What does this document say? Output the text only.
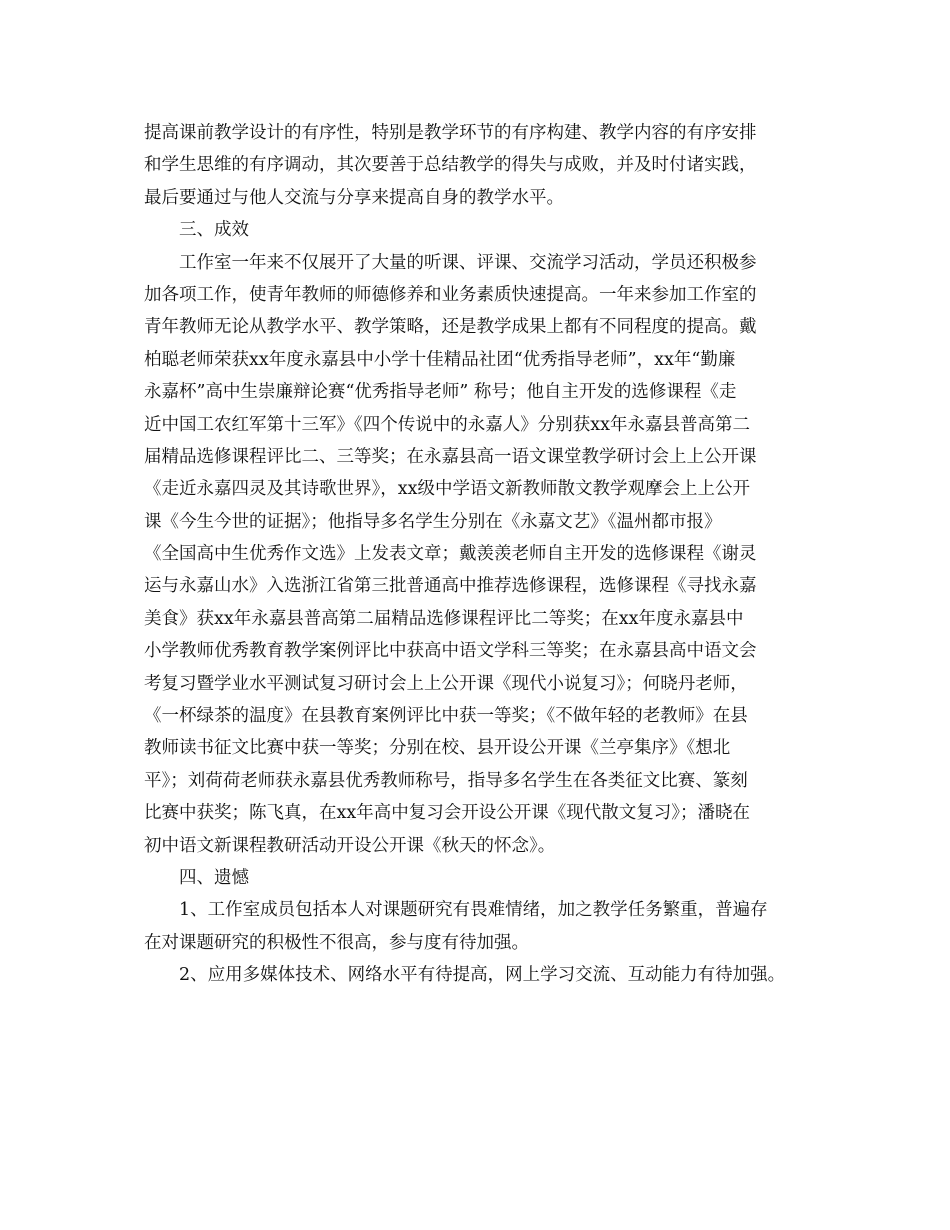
提高课前教学设计的有序性，特别是教学环节的有序构建、教学内容的有序安排

和学生思维的有序调动，其次要善于总结教学的得失与成败，并及时付诸实践，

最后要通过与他人交流与分享来提高自身的教学水平。

三、成效

工作室一年来不仅展开了大量的听课、评课、交流学习活动，学员还积极参

加各项工作，使青年教师的师德修养和业务素质快速提高。一年来参加工作室的

青年教师无论从教学水平、教学策略，还是教学成果上都有不同程度的提高。戴

柏聪老师荣获xx年度永嘉县中小学十佳精品社团“优秀指导老师”，xx年“勤廉

永嘉杯”高中生崇廉辩论赛“优秀指导老师” 称号；他自主开发的选修课程《走

近中国工农红军第十三军》《四个传说中的永嘉人》分别获xx年永嘉县普高第二

届精品选修课程评比二、三等奖；在永嘉县高一语文课堂教学研讨会上上公开课

《走近永嘉四灵及其诗歌世界》，xx级中学语文新教师散文教学观摩会上上公开

课《今生今世的证据》；他指导多名学生分别在《永嘉文艺》《温州都市报》

《全国高中生优秀作文选》上发表文章；戴羡羡老师自主开发的选修课程《谢灵

运与永嘉山水》入选浙江省第三批普通高中推荐选修课程，选修课程《寻找永嘉

美食》获xx年永嘉县普高第二届精品选修课程评比二等奖；在xx年度永嘉县中

小学教师优秀教育教学案例评比中获高中语文学科三等奖；在永嘉县高中语文会

考复习暨学业水平测试复习研讨会上上公开课《现代小说复习》；何晓丹老师，

《一杯绿茶的温度》在县教育案例评比中获一等奖；《不做年轻的老教师》在县

教师读书征文比赛中获一等奖；分别在校、县开设公开课《兰亭集序》《想北

平》；刘荷荷老师获永嘉县优秀教师称号，指导多名学生在各类征文比赛、篆刻

比赛中获奖；陈飞真，在xx年高中复习会开设公开课《现代散文复习》；潘晓在

初中语文新课程教研活动开设公开课《秋天的怀念》。

四、遗憾

1、工作室成员包括本人对课题研究有畏难情绪，加之教学任务繁重，普遍存

在对课题研究的积极性不很高，参与度有待加强。

2、应用多媒体技术、网络水平有待提高，网上学习交流、互动能力有待加强。
